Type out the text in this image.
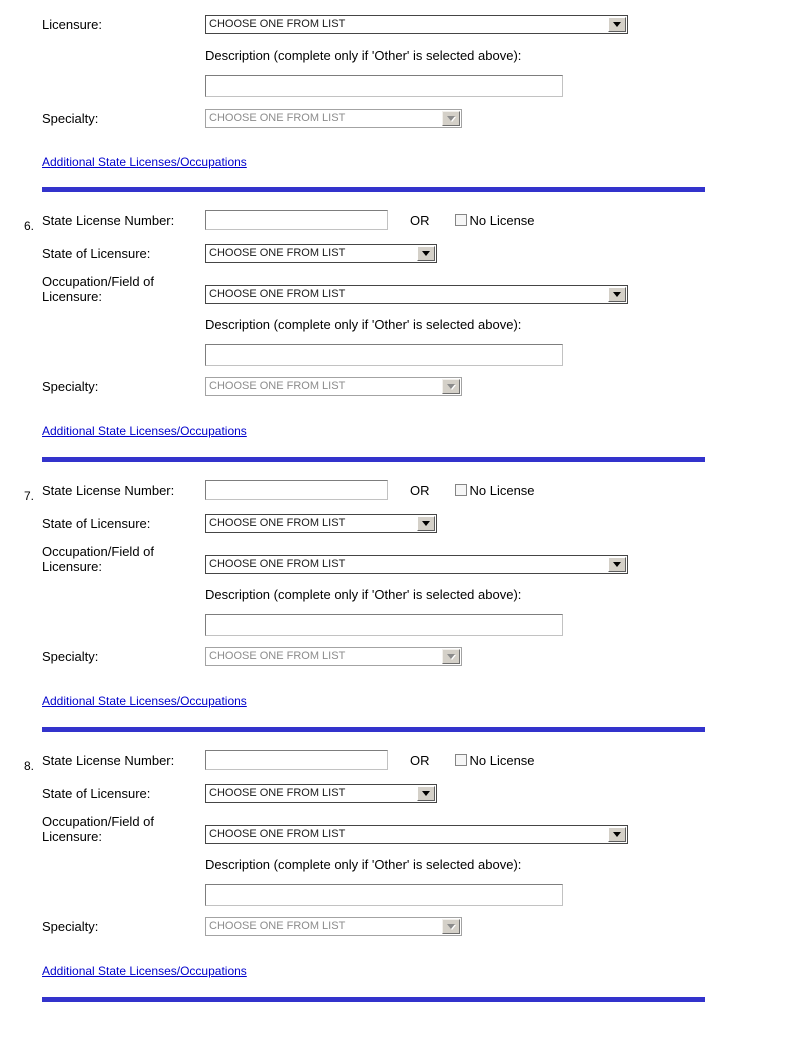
Licensure:	CHOOSE ONE FROM LIST
Description (complete only if 'Other' is selected above):
Specialty:	CHOOSE ONE FROM LIST
Additional State Licenses/Occupations
6. State License Number:	OR	No License
State of Licensure:	CHOOSE ONE FROM LIST
Occupation/Field of Licensure:	CHOOSE ONE FROM LIST
Description (complete only if 'Other' is selected above):
Specialty:	CHOOSE ONE FROM LIST
Additional State Licenses/Occupations
7. State License Number:	OR	No License
State of Licensure:	CHOOSE ONE FROM LIST
Occupation/Field of Licensure:	CHOOSE ONE FROM LIST
Description (complete only if 'Other' is selected above):
Specialty:	CHOOSE ONE FROM LIST
Additional State Licenses/Occupations
8. State License Number:	OR	No License
State of Licensure:	CHOOSE ONE FROM LIST
Occupation/Field of Licensure:	CHOOSE ONE FROM LIST
Description (complete only if 'Other' is selected above):
Specialty:	CHOOSE ONE FROM LIST
Additional State Licenses/Occupations
